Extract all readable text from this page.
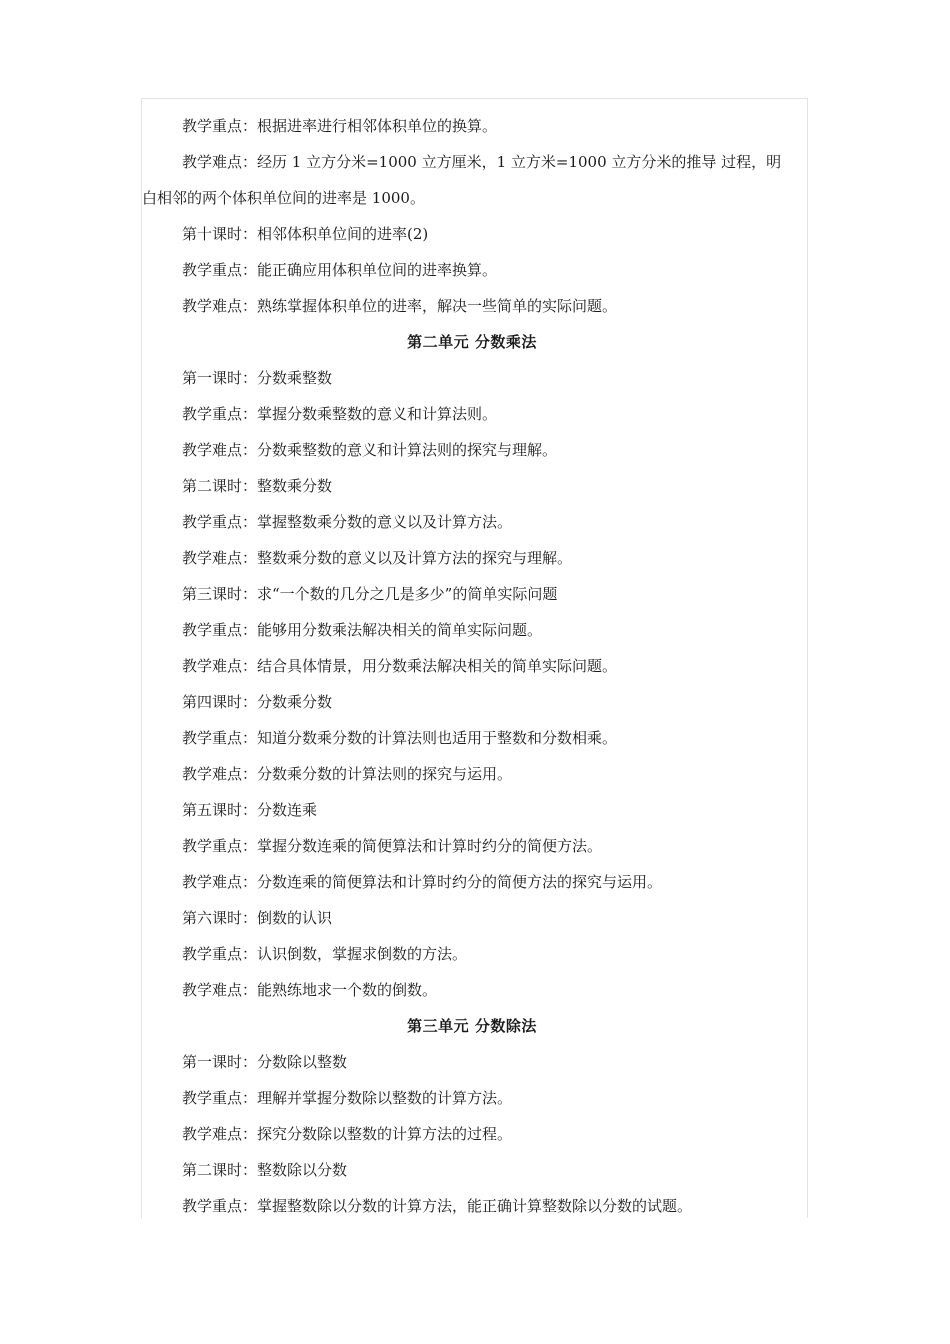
教学重点：根据进率进行相邻体积单位的换算。
教学难点：经历 1 立方分米=1000 立方厘米，1 立方米=1000 立方分米的推导 过程，明白相邻的两个体积单位间的进率是 1000。
第十课时：相邻体积单位间的进率(2)
教学重点：能正确应用体积单位间的进率换算。
教学难点：熟练掌握体积单位的进率，解决一些简单的实际问题。
第二单元 分数乘法
第一课时：分数乘整数
教学重点：掌握分数乘整数的意义和计算法则。
教学难点：分数乘整数的意义和计算法则的探究与理解。
第二课时：整数乘分数
教学重点：掌握整数乘分数的意义以及计算方法。
教学难点：整数乘分数的意义以及计算方法的探究与理解。
第三课时：求“一个数的几分之几是多少”的简单实际问题
教学重点：能够用分数乘法解决相关的简单实际问题。
教学难点：结合具体情景，用分数乘法解决相关的简单实际问题。
第四课时：分数乘分数
教学重点：知道分数乘分数的计算法则也适用于整数和分数相乘。
教学难点：分数乘分数的计算法则的探究与运用。
第五课时：分数连乘
教学重点：掌握分数连乘的简便算法和计算时约分的简便方法。
教学难点：分数连乘的简便算法和计算时约分的简便方法的探究与运用。
第六课时：倒数的认识
教学重点：认识倒数，掌握求倒数的方法。
教学难点：能熟练地求一个数的倒数。
第三单元 分数除法
第一课时：分数除以整数
教学重点：理解并掌握分数除以整数的计算方法。
教学难点：探究分数除以整数的计算方法的过程。
第二课时：整数除以分数
教学重点：掌握整数除以分数的计算方法，能正确计算整数除以分数的试题。
